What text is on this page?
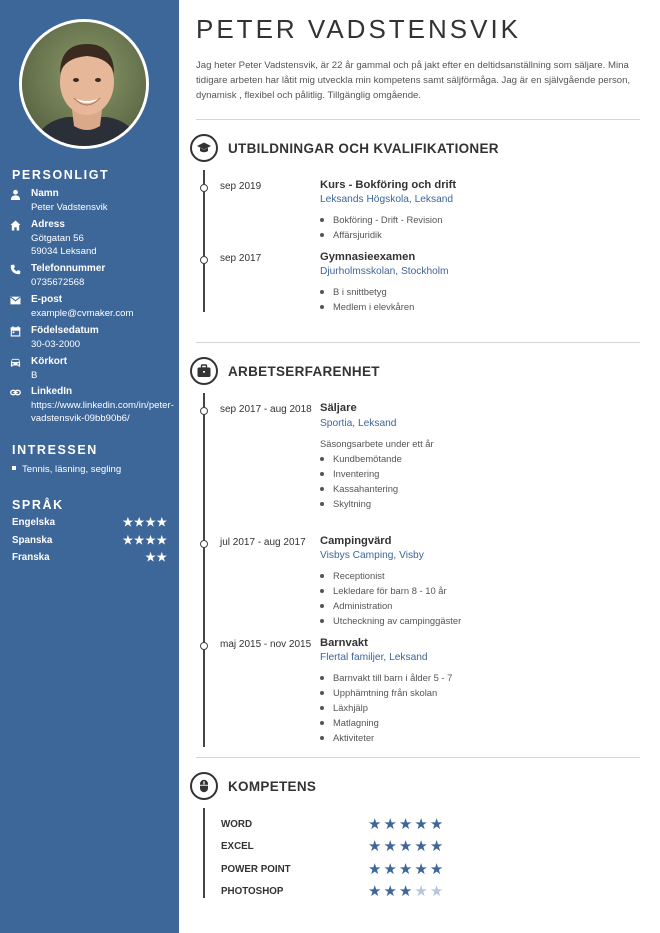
PERSONLIGT
Namn
Peter Vadstensvik
Adress
Götgatan 56
59034 Leksand
Telefonnummer
0735672568
E-post
example@cvmaker.com
Födelsedatum
30-03-2000
Körkort
B
LinkedIn
https://www.linkedin.com/in/peter-
vadstensvik-09bb90b6/
INTRESSEN
Tennis, läsning, segling
SPRÅK
Engelska	★★★★
Spanska	★★★★
Franska	★★
PETER VADSTENSVIK
Jag heter Peter Vadstensvik, är 22 år gammal och på jakt efter en deltidsanställning som säljare. Mina tidigare arbeten har låtit mig utveckla min kompetens samt säljförmåga. Jag är en självgående person, dynamisk , flexibel och pålitlig. Tillgänglig omgående.
UTBILDNINGAR OCH KVALIFIKATIONER
sep 2019	Kurs - Bokföring och drift
Leksands Högskola, Leksand
Bokföring - Drift - Revision
Affärsjuridik
sep 2017	Gymnasieexamen
Djurholmsskolan, Stockholm
B i snittbetyg
Medlem i elevkåren
ARBETSERFARENHET
sep 2017 - aug 2018 Säljare
Sportia, Leksand
Säsongsarbete under ett år
Kundbemötande
Inventering
Kassahantering
Skyltning
jul 2017 - aug 2017 Campingvärd
Visbys Camping, Visby
Receptionist
Lekledare för barn 8 - 10 år
Administration
Utcheckning av campinggäster
maj 2015 - nov 2015 Barnvakt
Flertal familjer, Leksand
Barnvakt till barn i ålder 5 - 7
Upphämtning från skolan
Läxhjälp
Matlagning
Aktiviteter
KOMPETENS
WORD	★★★★★
EXCEL	★★★★★
POWER POINT	★★★★★
PHOTOSHOP	★★★★★
